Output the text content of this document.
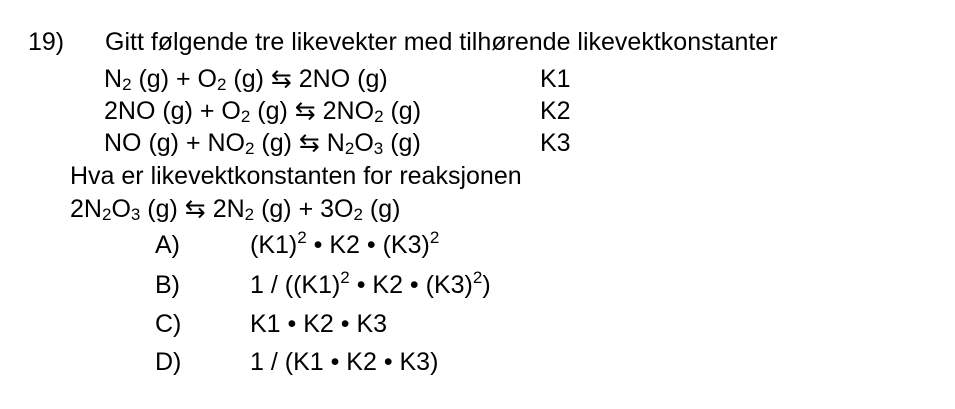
19) Gitt følgende tre likevekter med tilhørende likevektkonstanter
$N_2$ $(g) + O_2$ (g) ⇆ 2NO (g)	K1
2NO $(g) + O_2$ (g) ⇆ $2NO_2$ (g)	K2
NO $(g) + NO_2$ (g) ⇆ $N_2O_3$ (g)	K3
Hva er likevektkonstanten for reaksjonen
$2N_2O_3$ (g) ⇆ $2N_2$ $(g) + 3O_2$ (g)
A)	$(K1)^2$ • K2 • $(K3)^2$
B)	$1 / ((K1)^2$ • K2 • $(K3)^2$)
C)	K1 • K2 • K3
D)	1 / (K1 • K2 • K3)
